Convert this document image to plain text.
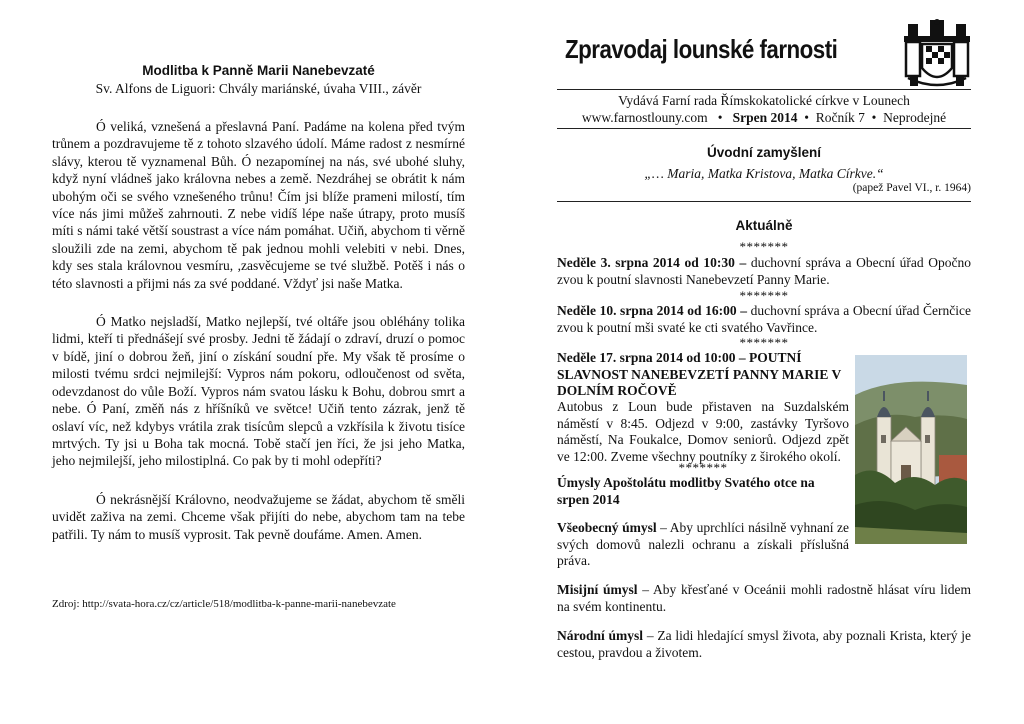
Modlitba k Panně Marii Nanebevzaté

Sv. Alfons de Liguori: Chvály mariánské, úvaha VIII., závěr

Ó veliká, vznešená a přeslavná Paní. Padáme na kolena před tvým trůnem a pozdravujeme tě z tohoto slzavého údolí. Máme radost z nesmírné slávy, kterou tě vyznamenal Bůh. Ó nezapomínej na nás, své ubohé sluhy, když nyní vládneš jako královna nebes a země. Nezdráhej se obrátit k nám ubohým oči se svého vznešeného trůnu! Čím jsi blíže prameni milostí, tím více nás jimi můžeš zahrnouti. Z nebe vidíš lépe naše útrapy, proto musíš míti s námi také větší soustrast a více nám pomáhat. Učiň, abychom ti věrně sloužili zde na zemi, abychom tě pak jednou mohli velebiti v nebi. Dnes, kdy ses stala královnou vesmíru, ,zasvěcujeme se tvé službě. Potěš i nás o této slavnosti a přijmi nás za své poddané. Vždyť jsi naše Matka.

Ó Matko nejsladší, Matko nejlepší, tvé oltáře jsou obléhány tolika lidmi, kteří ti přednášejí své prosby. Jedni tě žádají o zdraví, druzí o pomoc v bídě, jiní o dobrou žeň, jiní o získání soudní pře. My však tě prosíme o milosti tvému srdci nejmilejší: Vypros nám pokoru, odloučenost od světa, odevzdanost do vůle Boží. Vypros nám svatou lásku k Bohu, dobrou smrt a nebe. Ó Paní, změň nás z hříšníků ve světce! Učiň tento zázrak, jenž tě oslaví víc, než kdybys vrátila zrak tisícům slepců a vzkřísila k životu tisíce mrtvých. Ty jsi u Boha tak mocná. Tobě stačí jen říci, že jsi jeho Matka, jeho nejmilejší, jeho milostiplná. Co pak by ti mohl odepříti?

Ó nekrásnější Královno, neodvažujeme se žádat, abychom tě směli uvidět zaživa na zemi. Chceme však přijíti do nebe, abychom tam na tebe patřili. Ty nám to musíš vyprosit. Tak pevně doufáme. Amen. Amen.

Zdroj: http://svata-hora.cz/cz/article/518/modlitba-k-panne-marii-nanebevzate
Zpravodaj lounské farnosti
Vydává Farní rada Římskokatolické církve v Lounech
www.farnostlouny.com • Srpen 2014 • Ročník 7 • Neprodejné
Úvodní zamyšlení
„… Maria, Matka Kristova, Matka Církve.“
(papež Pavel VI., r. 1964)
Aktuálně
*******

Neděle 3. srpna 2014 od 10:30 – duchovní správa a Obecní úřad Opočno zvou k poutní slavnosti Nanebevzetí Panny Marie.

*******

Neděle 10. srpna 2014 od 16:00 – duchovní správa a Obecní úřad Černčice zvou k poutní mši svaté ke cti svatého Vavřince.

*******

Neděle 17. srpna 2014 od 10:00 – POUTNÍ SLAVNOST NANEBEVZETÍ PANNY MARIE V DOLNÍM ROČOVĚ

Autobus z Loun bude přistaven na Suzdalském náměstí v 8:45. Odjezd v 9:00, zastávky Tyršovo náměstí, Na Foukalce, Domov seniorů. Odjezd zpět ve 12:00. Zveme všechny poutníky z širokého okolí.

*******

Úmysly Apoštolátu modlitby Svatého otce na srpen 2014

Všeobecný úmysl – Aby uprchlíci násilně vyhnaní ze svých domovů nalezli ochranu a získali příslušná práva.

Misijní úmysl – Aby křesťané v Oceánii mohli radostně hlásat víru lidem na svém kontinentu.

Národní úmysl – Za lidi hledající smysl života, aby poznali Krista, který je cestou, pravdou a životem.
